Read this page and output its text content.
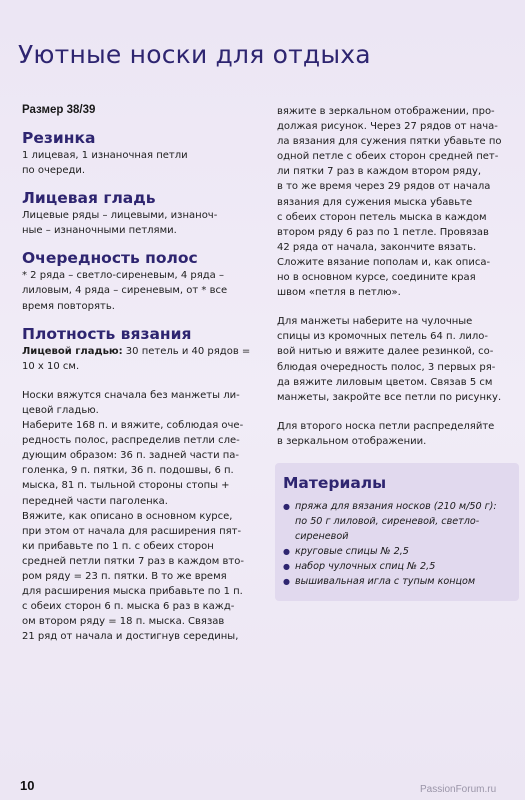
Уютные носки для отдыха

Размер 38/39

Резинка
1 лицевая, 1 изнаночная петли
по очереди.
Лицевая гладь
Лицевые ряды – лицевыми, изнаноч-
ные – изнаночными петлями.
Очередность полос
* 2 ряда – светло-сиреневым, 4 ряда –
лиловым, 4 ряда – сиреневым, от * все
время повторять.
Плотность вязания
Лицевой гладью: 30 петель и 40 рядов =
10 x 10 см.
Носки вяжутся сначала без манжеты ли-
цевой гладью.
Наберите 168 п. и вяжите, соблюдая оче-
редность полос, распределив петли сле-
дующим образом: 36 п. задней части па-
голенка, 9 п. пятки, 36 п. подошвы, 6 п.
мыска, 81 п. тыльной стороны стопы +
передней части паголенка.
Вяжите, как описано в основном курсе,
при этом от начала для расширения пят-
ки прибавьте по 1 п. с обеих сторон
средней петли пятки 7 раз в каждом вто-
ром ряду = 23 п. пятки. В то же время
для расширения мыска прибавьте по 1 п.
с обеих сторон 6 п. мыска 6 раз в кажд-
ом втором ряду = 18 п. мыска. Связав
21 ряд от начала и достигнув середины,
вяжите в зеркальном отображении, про-
должая рисунок. Через 27 рядов от нача-
ла вязания для сужения пятки убавьте по
одной петле с обеих сторон средней пет-
ли пятки 7 раз в каждом втором ряду,
в то же время через 29 рядов от начала
вязания для сужения мыска убавьте
с обеих сторон петель мыска в каждом
втором ряду 6 раз по 1 петле. Провязав
42 ряда от начала, закончите вязать.
Сложите вязание пополам и, как описа-
но в основном курсе, соедините края
швом «петля в петлю».
Для манжеты наберите на чулочные
спицы из кромочных петель 64 п. лило-
вой нитью и вяжите далее резинкой, со-
блюдая очередность полос, 3 первых ря-
да вяжите лиловым цветом. Связав 5 см
манжеты, закройте все петли по рисунку.
Для второго носка петли распределяйте
в зеркальном отображении.
Материалы
● пряжа для вязания носков (210 м/50 г):
по 50 г лиловой, сиреневой, светло-
сиреневой
● круговые спицы № 2,5
● набор чулочных спиц № 2,5
● вышивальная игла с тупым концом

10	PassionForum.ru
